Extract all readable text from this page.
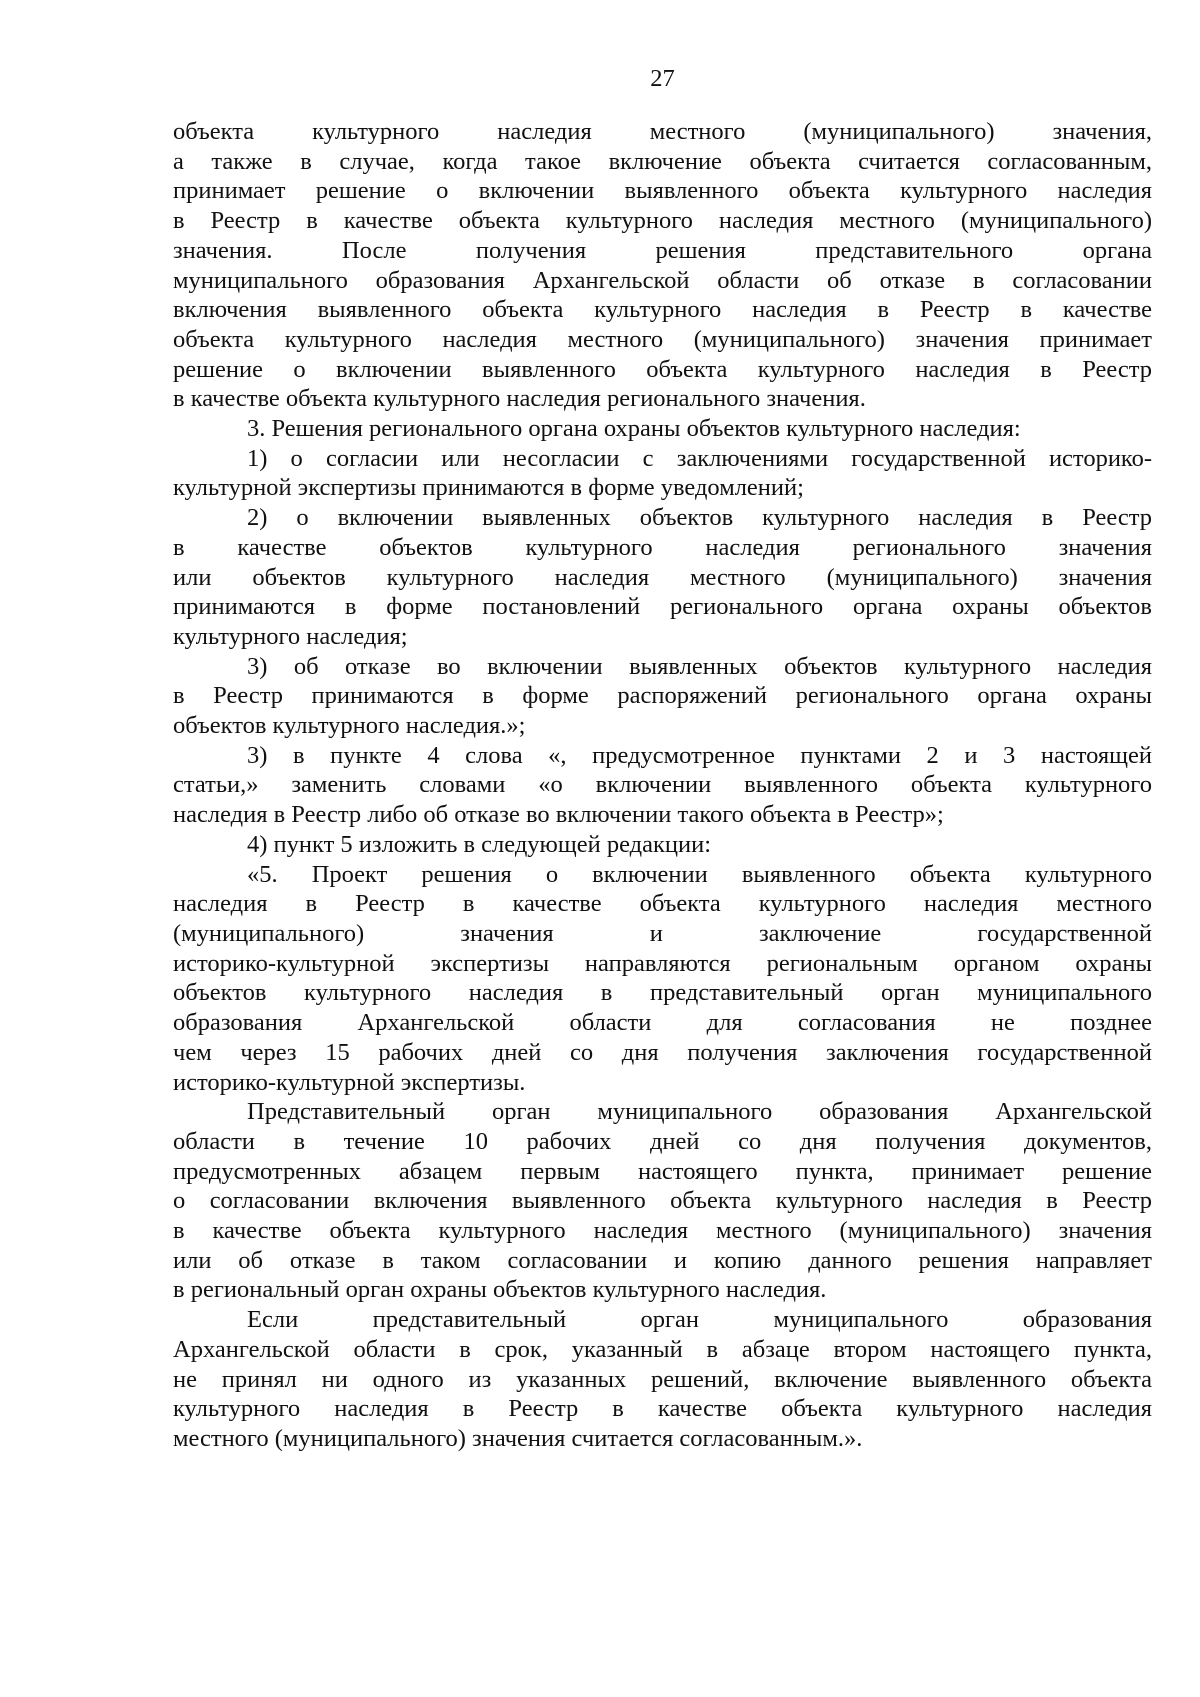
27
объекта культурного наследия местного (муниципального) значения,
а также в случае, когда такое включение объекта считается согласованным,
принимает решение о включении выявленного объекта культурного наследия
в Реестр в качестве объекта культурного наследия местного (муниципального)
значения. После получения решения представительного органа
муниципального образования Архангельской области об отказе в согласовании
включения выявленного объекта культурного наследия в Реестр в качестве
объекта культурного наследия местного (муниципального) значения принимает
решение о включении выявленного объекта культурного наследия в Реестр
в качестве объекта культурного наследия регионального значения.
3. Решения регионального органа охраны объектов культурного наследия:
1) о согласии или несогласии с заключениями государственной историко-
культурной экспертизы принимаются в форме уведомлений;
2) о включении выявленных объектов культурного наследия в Реестр
в качестве объектов культурного наследия регионального значения
или объектов культурного наследия местного (муниципального) значения
принимаются в форме постановлений регионального органа охраны объектов
культурного наследия;
3) об отказе во включении выявленных объектов культурного наследия
в Реестр принимаются в форме распоряжений регионального органа охраны
объектов культурного наследия.»;
3) в пункте 4 слова «, предусмотренное пунктами 2 и 3 настоящей
статьи,» заменить словами «о включении выявленного объекта культурного
наследия в Реестр либо об отказе во включении такого объекта в Реестр»;
4) пункт 5 изложить в следующей редакции:
«5. Проект решения о включении выявленного объекта культурного
наследия в Реестр в качестве объекта культурного наследия местного
(муниципального) значения и заключение государственной
историко-культурной экспертизы направляются региональным органом охраны
объектов культурного наследия в представительный орган муниципального
образования Архангельской области для согласования не позднее
чем через 15 рабочих дней со дня получения заключения государственной
историко-культурной экспертизы.
Представительный орган муниципального образования Архангельской
области в течение 10 рабочих дней со дня получения документов,
предусмотренных абзацем первым настоящего пункта, принимает решение
о согласовании включения выявленного объекта культурного наследия в Реестр
в качестве объекта культурного наследия местного (муниципального) значения
или об отказе в таком согласовании и копию данного решения направляет
в региональный орган охраны объектов культурного наследия.
Если представительный орган муниципального образования
Архангельской области в срок, указанный в абзаце втором настоящего пункта,
не принял ни одного из указанных решений, включение выявленного объекта
культурного наследия в Реестр в качестве объекта культурного наследия
местного (муниципального) значения считается согласованным.».
